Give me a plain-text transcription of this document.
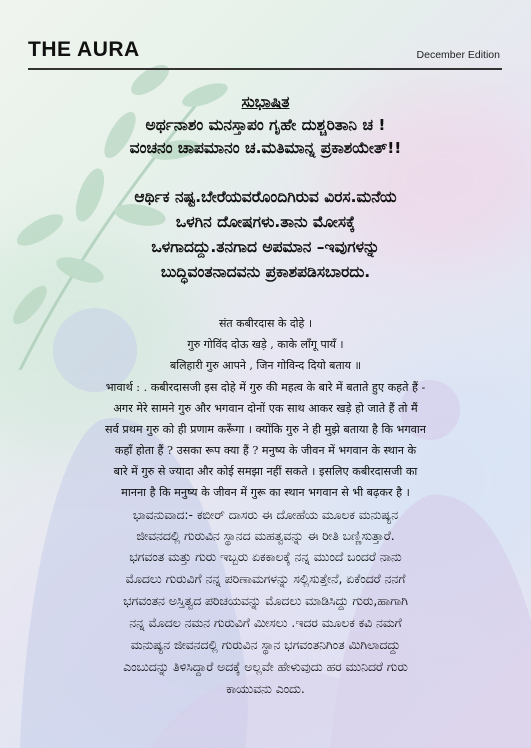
THE AURA	December Edition
ಸುಭಾಷಿತ
ಅರ್ಥನಾಶಂ ಮನಸ್ತಾಪಂ ಗೃಹೇ ದುಶ್ಚರಿತಾನಿ ಚ !
ವಂಚನಂ ಚಾಪಮಾನಂ ಚ.ಮತಿಮಾನ್ನ ಪ್ರಕಾಶಯೇತ್!!
ಆರ್ಥಿಕ ನಷ್ಟ.ಬೇರೆಯವರೊಂದಿಗಿರುವ ವಿರಸ.ಮನೆಯ
ಒಳಗಿನ ದೋಷಗಳು.ತಾನು ಮೋಸಕ್ಕೆ
ಒಳಗಾದದ್ದು.ತನಗಾದ ಅಪಮಾನ –ಇವುಗಳನ್ನು
ಬುದ್ಧಿವಂತನಾದವನು ಪ್ರಕಾಶಪಡಿಸಬಾರದು.
संत कबीरदास के दोहे ।
गुरु गोविंद दोऊ खड़े , काके लाँगू पायँ ।
बलिहारी गुरु आपने , जिन गोविन्द दियो बताय ॥
भावार्थ : . कबीरदासजी इस दोहे में गुरु की महत्व के बारे में बताते हुए कहते हैं -
अगर मेरे सामने गुरु और भगवान दोनों एक साथ आकर खड़े हो जाते हैं तो मैं
सर्व प्रथम गुरु को ही प्रणाम करूँगा । क्योंकि गुरु ने ही मुझे बताया है कि भगवान
कहाँ होता हैं ? उसका रूप क्या हैं ? मनुष्य के जीवन में भगवान के स्थान के
बारे में गुरु से ज्यादा और कोई समझा नहीं सकते । इसलिए कबीरदासजी का
मानना है कि मनुष्य के जीवन में गुरू का स्थान भगवान से भी बढ़कर है ।
ಭಾವನುವಾದ:- ಕಬೀರ್ ದಾಸರು ಈ ದೋಹೆಯ ಮೂಲಕ ಮನುಷ್ಯನ
ಜೀವನದಲ್ಲಿ ಗುರುವಿನ ಸ್ಥಾನದ ಮಹತ್ವವನ್ನು ಈ ರೀತಿ ಬಣ್ಣಿಸುತ್ತಾರೆ.
ಭಗವಂತ ಮತ್ತು ಗುರು ಇಬ್ಬರು ಏಕಕಾಲಕ್ಕೆ ನನ್ನ ಮುಂದೆ ಬಂದರೆ ನಾನು
ಮೊದಲು ಗುರುವಿಗೆ ನನ್ನ ಪರಿಣಾಮಗಳನ್ನು ಸಲ್ಲಿಸುತ್ತೇನೆ, ಏಕೆಂದರೆ ನನಗೆ
ಭಗವಂತನ ಅಸ್ತಿತ್ವದ ಪರಿಚಯವನ್ನು ಮೊದಲು ಮಾಡಿಸಿದ್ದು ಗುರು,ಹಾಗಾಗಿ
ನನ್ನ ಮೊದಲ ನಮನ ಗುರುವಿಗೆ ಮೀಸಲು .ಇದರ ಮೂಲಕ ಕವಿ ನಮಗೆ
ಮನುಷ್ಯನ ಜೀವನದಲ್ಲಿ ಗುರುವಿನ ಸ್ಥಾನ ಭಗವಂತನಿಗಿಂತ ಮಿಗಿಲಾದದ್ದು
ಎಂಬುದನ್ನು ತಿಳಿಸಿದ್ದಾರೆ ಅದಕ್ಕೆ ಅಲ್ಲವೇ ಹೇಳುವುದು ಹರ ಮುನಿದರೆ ಗುರು
ಕಾಯುವನು ಎಂದು.
